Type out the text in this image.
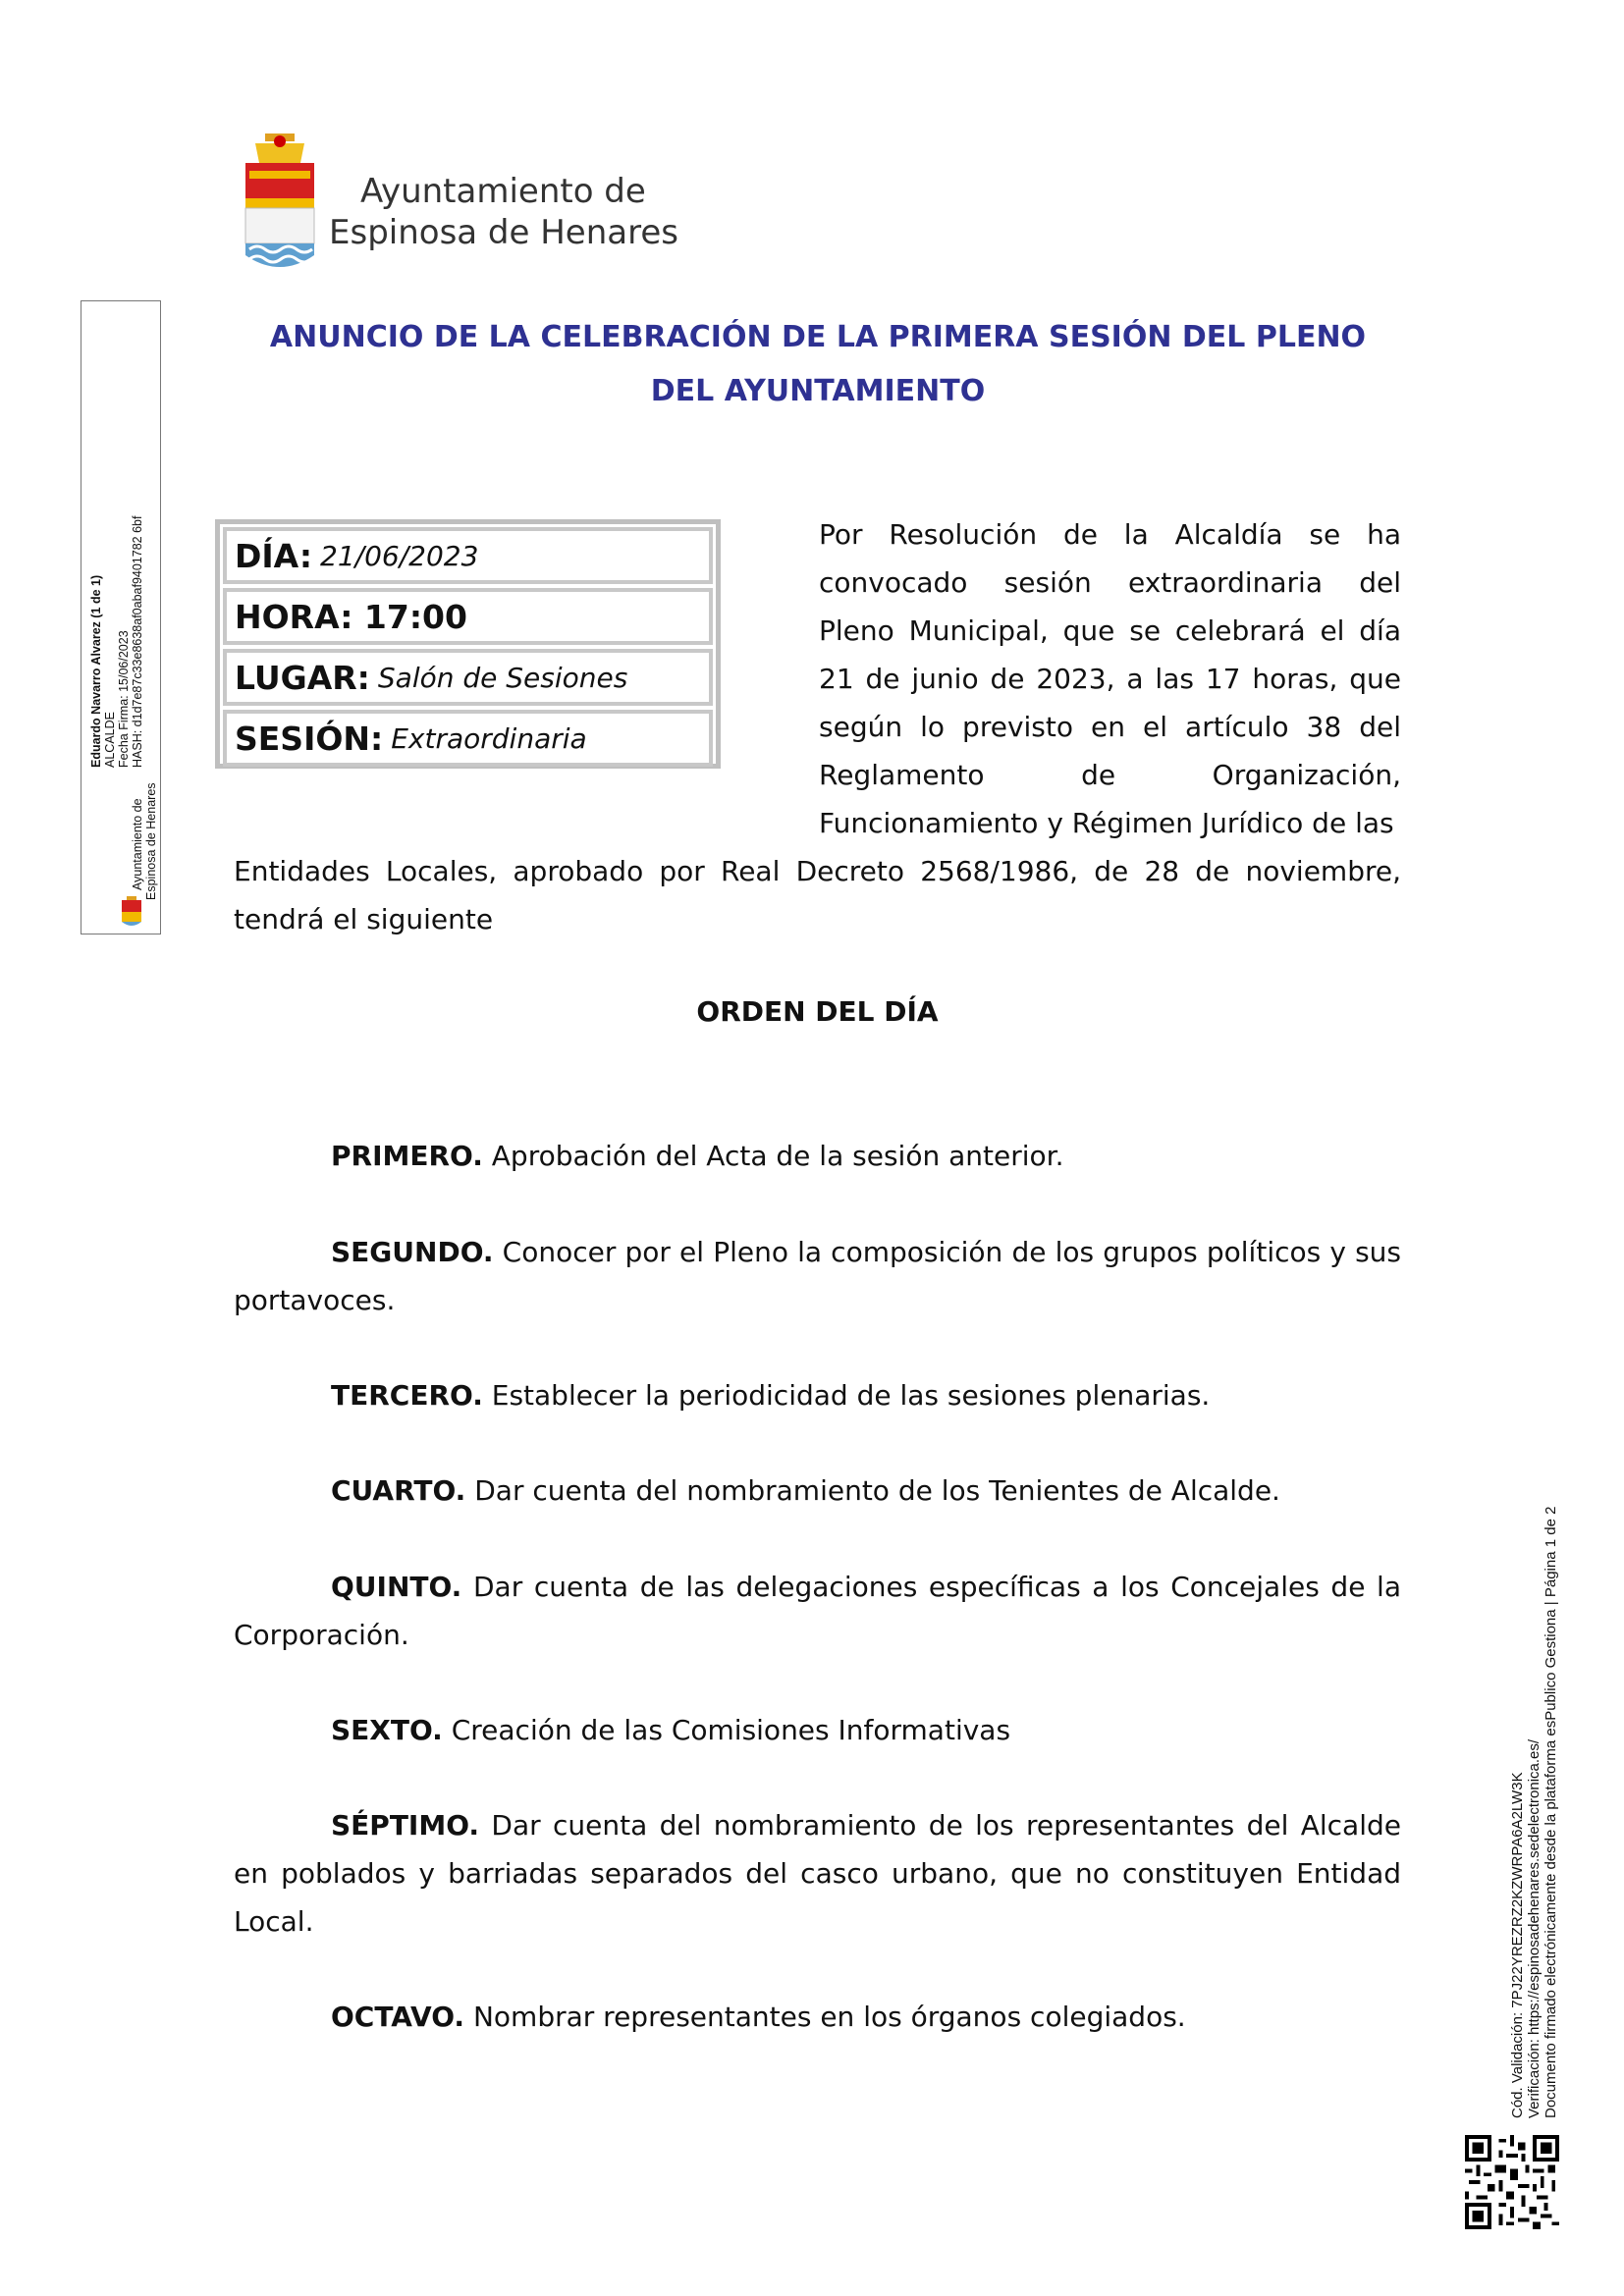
Ayuntamiento de
Espinosa de Henares
Eduardo Navarro Alvarez (1 de 1) ALCALDE Fecha Firma: 15/06/2023 HASH: d1d7e87c33e8638af0abaf9401782 6bf
Ayuntamiento de Espinosa de Henares
ANUNCIO DE LA CELEBRACIÓN DE LA PRIMERA SESIÓN DEL PLENO
DEL AYUNTAMIENTO
DÍA: 21/06/2023
HORA: 17:00
LUGAR: Salón de Sesiones
SESIÓN: Extraordinaria
Por Resolución de la Alcaldía se ha convocado sesión extraordinaria del Pleno Municipal, que se celebrará el día 21 de junio de 2023, a las 17 horas, que según lo previsto en el artículo 38 del Reglamento de Organización, Funcionamiento y Régimen Jurídico de las
Entidades Locales, aprobado por Real Decreto 2568/1986, de 28 de noviembre, tendrá el siguiente
ORDEN DEL DÍA
PRIMERO. Aprobación del Acta de la sesión anterior.
SEGUNDO. Conocer por el Pleno la composición de los grupos políticos y sus portavoces.
TERCERO. Establecer la periodicidad de las sesiones plenarias.
CUARTO. Dar cuenta del nombramiento de los Tenientes de Alcalde.
QUINTO. Dar cuenta de las delegaciones específicas a los Concejales de la Corporación.
SEXTO. Creación de las Comisiones Informativas
SÉPTIMO. Dar cuenta del nombramiento de los representantes del Alcalde en poblados y barriadas separados del casco urbano, que no constituyen Entidad Local.
OCTAVO. Nombrar representantes en los órganos colegiados.	Cód. Validación: 7PJ22YREZRZ2KZWRPA6A2LW3K Verificación: https://espinosadehenares.sedelectronica.es/ Documento firmado electrónicamente desde la plataforma esPublico Gestiona | Página 1 de 2
